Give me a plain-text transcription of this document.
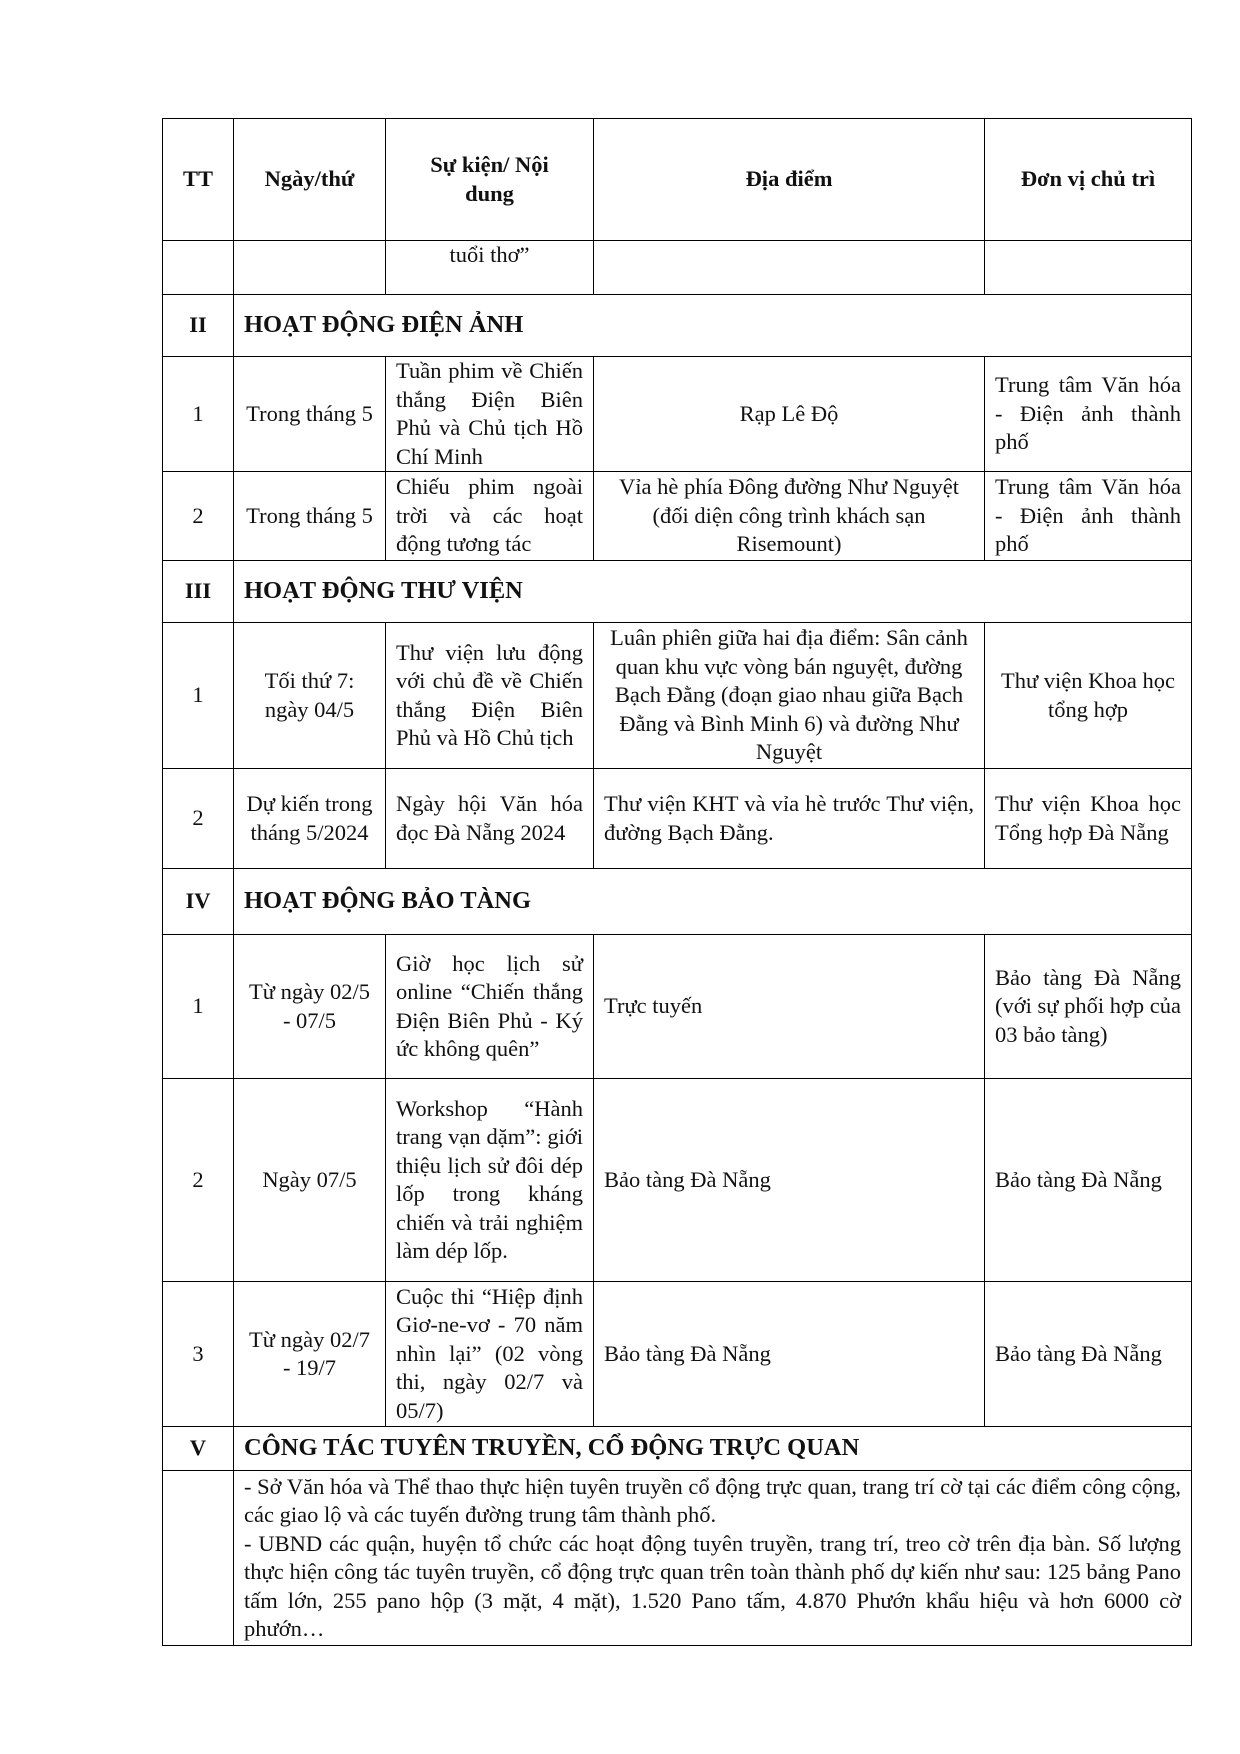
TT	Ngày/thứ	Sự kiện/ Nội dung	Địa điểm	Đơn vị chủ trì
		tuổi thơ”		
II	HOẠT ĐỘNG ĐIỆN ẢNH			
1	Trong tháng 5	Tuần phim về Chiến thắng Điện Biên Phủ và Chủ tịch Hồ Chí Minh	Rạp Lê Độ	Trung tâm Văn hóa - Điện ảnh thành phố
2	Trong tháng 5	Chiếu phim ngoài trời và các hoạt động tương tác	Vỉa hè phía Đông đường Như Nguyệt (đối diện công trình khách sạn Risemount)	Trung tâm Văn hóa - Điện ảnh thành phố
III	HOẠT ĐỘNG THƯ VIỆN			
1	Tối thứ 7: ngày 04/5	Thư viện lưu động với chủ đề về Chiến thắng Điện Biên Phủ và Hồ Chủ tịch	Luân phiên giữa hai địa điểm: Sân cảnh quan khu vực vòng bán nguyệt, đường Bạch Đằng (đoạn giao nhau giữa Bạch Đằng và Bình Minh 6) và đường Như Nguyệt	Thư viện Khoa học tổng hợp
2	Dự kiến trong tháng 5/2024	Ngày hội Văn hóa đọc Đà Nẵng 2024	Thư viện KHT và vỉa hè trước Thư viện, đường Bạch Đằng.	Thư viện Khoa học Tổng hợp Đà Nẵng
IV	HOẠT ĐỘNG BẢO TÀNG			
1	Từ ngày 02/5 - 07/5	Giờ học lịch sử online “Chiến thắng Điện Biên Phủ - Ký ức không quên”	Trực tuyến	Bảo tàng Đà Nẵng (với sự phối hợp của 03 bảo tàng)
2	Ngày 07/5	Workshop “Hành trang vạn dặm”: giới thiệu lịch sử đôi dép lốp trong kháng chiến và trải nghiệm làm dép lốp.	Bảo tàng Đà Nẵng	Bảo tàng Đà Nẵng
3	Từ ngày 02/7 - 19/7	Cuộc thi “Hiệp định Giơ-ne-vơ - 70 năm nhìn lại” (02 vòng thi, ngày 02/7 và 05/7)	Bảo tàng Đà Nẵng	Bảo tàng Đà Nẵng
V	CÔNG TÁC TUYÊN TRUYỀN, CỔ ĐỘNG TRỰC QUAN			

	- Sở Văn hóa và Thể thao thực hiện tuyên truyền cổ động trực quan, trang trí cờ tại các điểm công cộng, các giao lộ và các tuyến đường trung tâm thành phố.

- UBND các quận, huyện tổ chức các hoạt động tuyên truyền, trang trí, treo cờ trên địa bàn. Số lượng thực hiện công tác tuyên truyền, cổ động trực quan trên toàn thành phố dự kiến như sau: 125 bảng Pano tấm lớn, 255 pano hộp (3 mặt, 4 mặt), 1.520 Pano tấm, 4.870 Phướn khẩu hiệu và hơn 6000 cờ phướn…			
